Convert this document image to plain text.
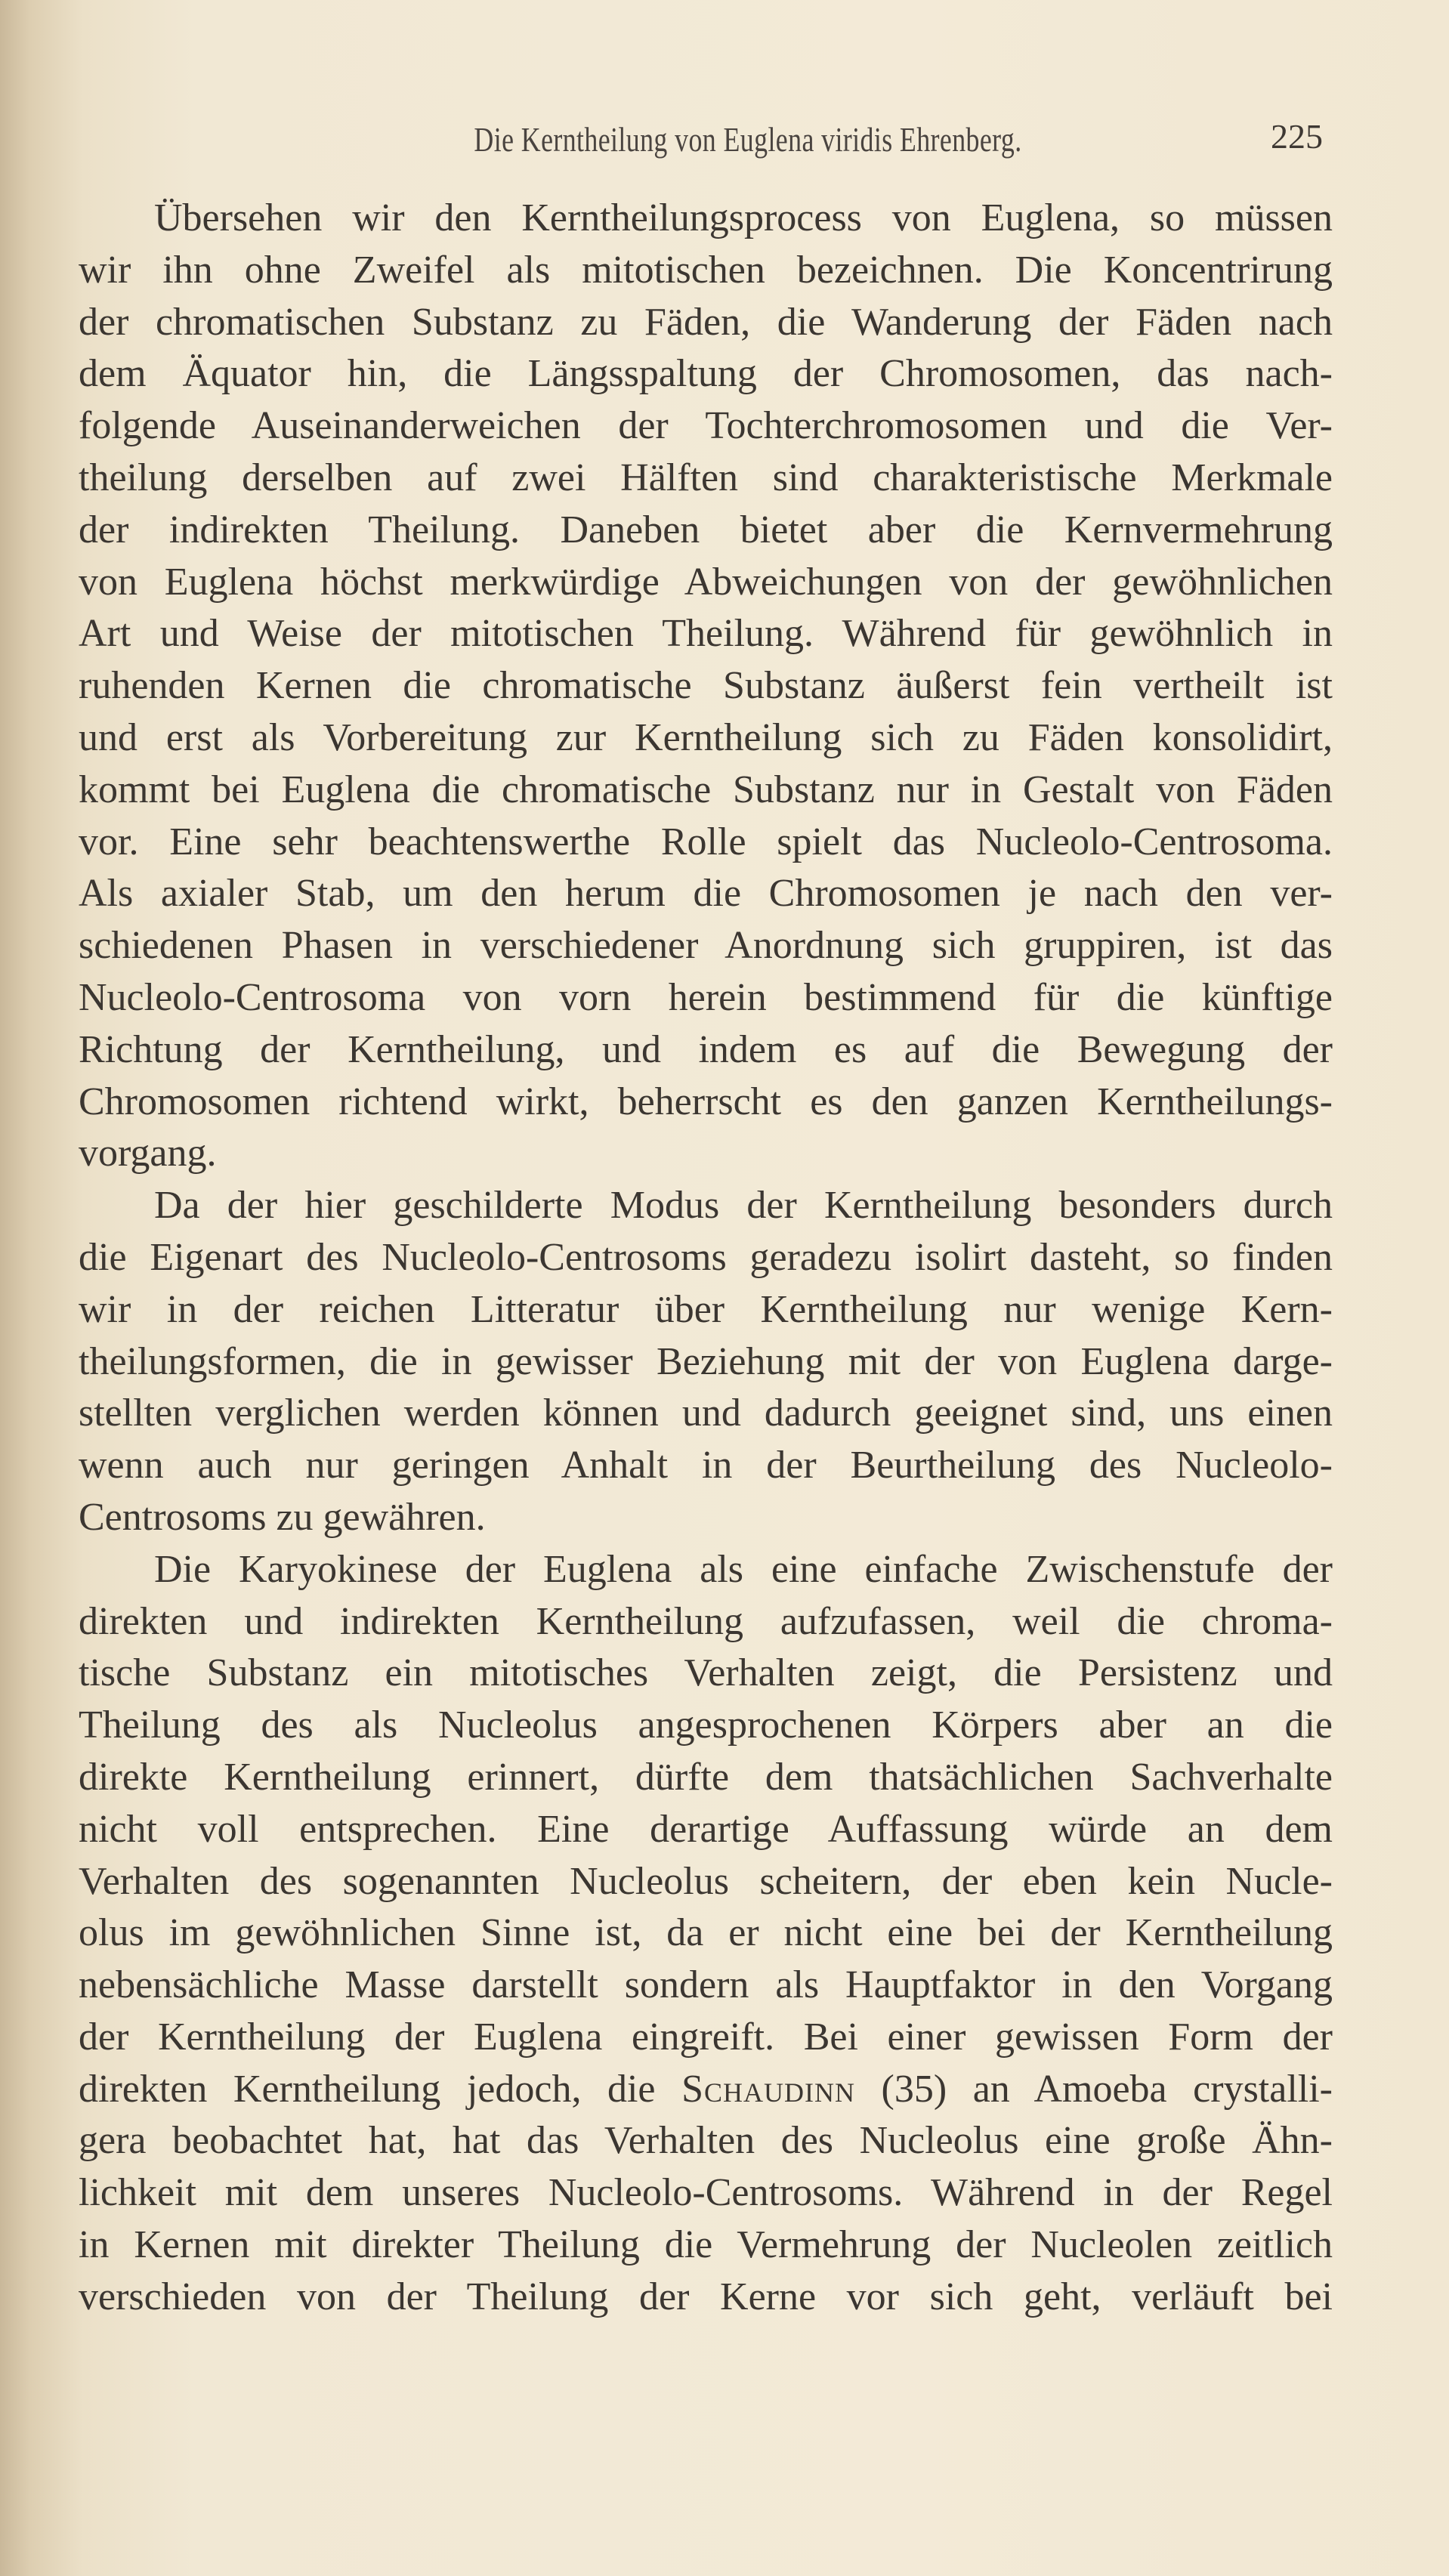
Die Kerntheilung von Euglena viridis Ehrenberg.	225
Übersehen wir den Kerntheilungsprocess von Euglena, so müssen
wir ihn ohne Zweifel als mitotischen bezeichnen. Die Koncentrirung
der chromatischen Substanz zu Fäden, die Wanderung der Fäden nach
dem Äquator hin, die Längsspaltung der Chromosomen, das nach-
folgende Auseinanderweichen der Tochterchromosomen und die Ver-
theilung derselben auf zwei Hälften sind charakteristische Merkmale
der indirekten Theilung. Daneben bietet aber die Kernvermehrung
von Euglena höchst merkwürdige Abweichungen von der gewöhnlichen
Art und Weise der mitotischen Theilung. Während für gewöhnlich in
ruhenden Kernen die chromatische Substanz äußerst fein vertheilt ist
und erst als Vorbereitung zur Kerntheilung sich zu Fäden konsolidirt,
kommt bei Euglena die chromatische Substanz nur in Gestalt von Fäden
vor. Eine sehr beachtenswerthe Rolle spielt das Nucleolo-Centrosoma.
Als axialer Stab, um den herum die Chromosomen je nach den ver-
schiedenen Phasen in verschiedener Anordnung sich gruppiren, ist das
Nucleolo-Centrosoma von vorn herein bestimmend für die künftige
Richtung der Kerntheilung, und indem es auf die Bewegung der
Chromosomen richtend wirkt, beherrscht es den ganzen Kerntheilungs-
vorgang.
Da der hier geschilderte Modus der Kerntheilung besonders durch
die Eigenart des Nucleolo-Centrosoms geradezu isolirt dasteht, so finden
wir in der reichen Litteratur über Kerntheilung nur wenige Kern-
theilungsformen, die in gewisser Beziehung mit der von Euglena darge-
stellten verglichen werden können und dadurch geeignet sind, uns einen
wenn auch nur geringen Anhalt in der Beurtheilung des Nucleolo-
Centrosoms zu gewähren.
Die Karyokinese der Euglena als eine einfache Zwischenstufe der
direkten und indirekten Kerntheilung aufzufassen, weil die chroma-
tische Substanz ein mitotisches Verhalten zeigt, die Persistenz und
Theilung des als Nucleolus angesprochenen Körpers aber an die
direkte Kerntheilung erinnert, dürfte dem thatsächlichen Sachverhalte
nicht voll entsprechen. Eine derartige Auffassung würde an dem
Verhalten des sogenannten Nucleolus scheitern, der eben kein Nucle-
olus im gewöhnlichen Sinne ist, da er nicht eine bei der Kerntheilung
nebensächliche Masse darstellt sondern als Hauptfaktor in den Vorgang
der Kerntheilung der Euglena eingreift. Bei einer gewissen Form der
direkten Kerntheilung jedoch, die Schaudinn (35) an Amoeba crystalli-
gera beobachtet hat, hat das Verhalten des Nucleolus eine große Ähn-
lichkeit mit dem unseres Nucleolo-Centrosoms. Während in der Regel
in Kernen mit direkter Theilung die Vermehrung der Nucleolen zeitlich
verschieden von der Theilung der Kerne vor sich geht, verläuft bei
